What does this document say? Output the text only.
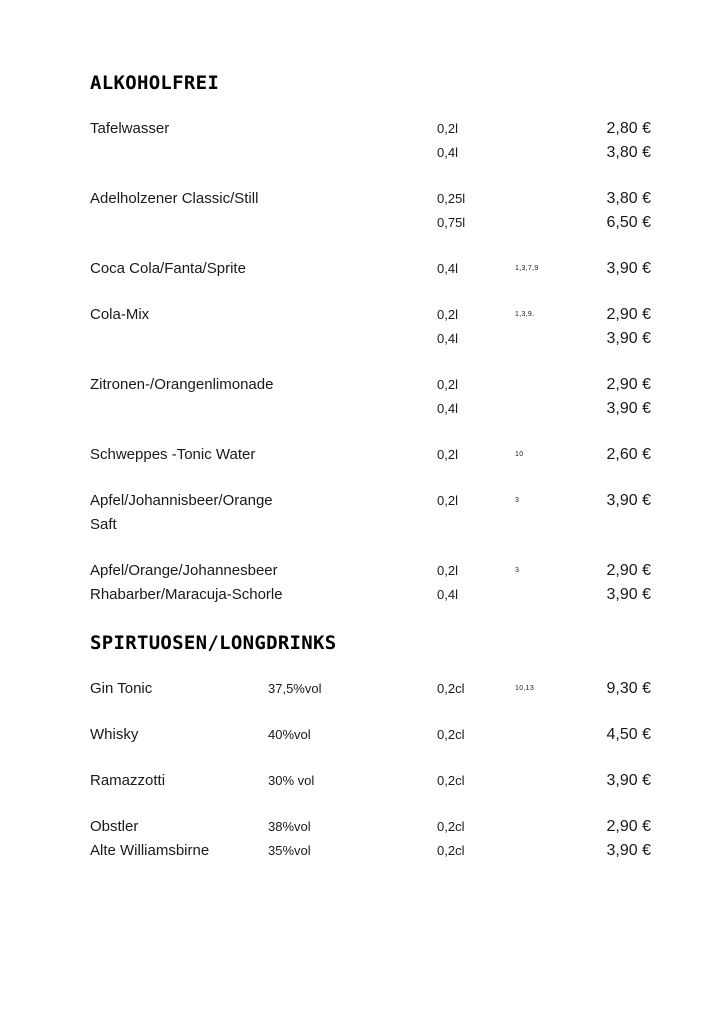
ALKOHOLFREI
Tafelwasser	0,2l	2,80 €
0,4l	3,80 €
Adelholzener Classic/Still	0,25l	3,80 €
0,75l	6,50 €
Coca Cola/Fanta/Sprite	0,4l	1,3,7,9	3,90 €
Cola-Mix	0,2l	1,3,9.	2,90 €
0,4l	3,90 €
Zitronen-/Orangenlimonade	0,2l	2,90 €
0,4l	3,90 €
Schweppes -Tonic Water	0,2l	10	2,60 €
Apfel/Johannisbeer/Orange	0,2l	3	3,90 €
Saft
Apfel/Orange/Johannesbeer	0,2l	3	2,90 €
Rhabarber/Maracuja-Schorle	0,4l	3,90 €
SPIRTUOSEN/LONGDRINKS
Gin Tonic	37,5%vol	0,2cl	10,13	9,30 €
Whisky	40%vol	0,2cl	4,50 €
Ramazzotti	30% vol	0,2cl	3,90 €
Obstler	38%vol	0,2cl	2,90 €
Alte Williamsbirne	35%vol	0,2cl	3,90 €
